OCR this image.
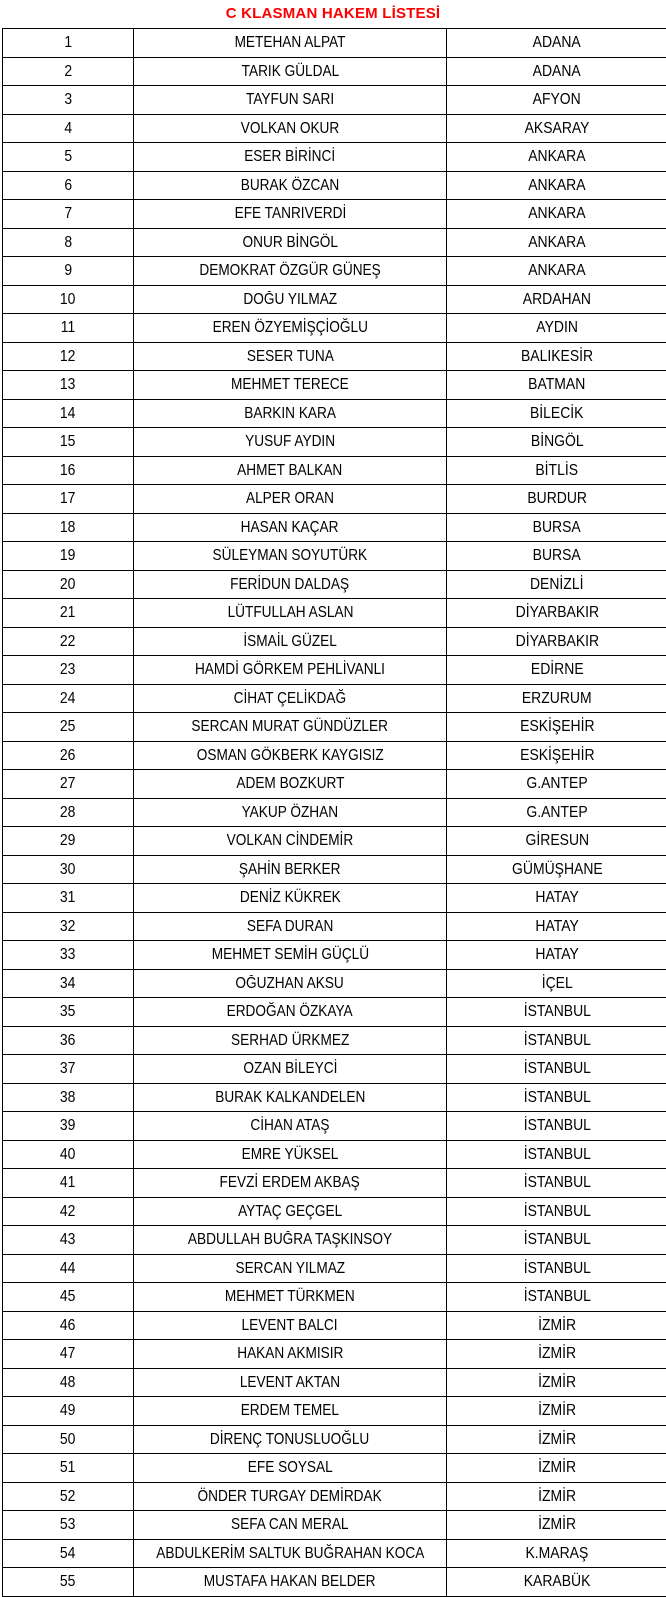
C KLASMAN HAKEM LİSTESİ
1	METEHAN ALPAT	ADANA
2	TARIK GÜLDAL	ADANA
3	TAYFUN SARI	AFYON
4	VOLKAN OKUR	AKSARAY
5	ESER BİRİNCİ	ANKARA
6	BURAK ÖZCAN	ANKARA
7	EFE TANRIVERDİ	ANKARA
8	ONUR BİNGÖL	ANKARA
9	DEMOKRAT ÖZGÜR GÜNEŞ	ANKARA
10	DOĞU YILMAZ	ARDAHAN
11	EREN ÖZYEMİŞÇİOĞLU	AYDIN
12	SESER TUNA	BALIKESİR
13	MEHMET TERECE	BATMAN
14	BARKIN KARA	BİLECİK
15	YUSUF AYDIN	BİNGÖL
16	AHMET BALKAN	BİTLİS
17	ALPER ORAN	BURDUR
18	HASAN KAÇAR	BURSA
19	SÜLEYMAN SOYUTÜRK	BURSA
20	FERİDUN DALDAŞ	DENİZLİ
21	LÜTFULLAH ASLAN	DİYARBAKIR
22	İSMAİL GÜZEL	DİYARBAKIR
23	HAMDİ GÖRKEM PEHLİVANLI	EDİRNE
24	CİHAT ÇELİKDAĞ	ERZURUM
25	SERCAN MURAT GÜNDÜZLER	ESKİŞEHİR
26	OSMAN GÖKBERK KAYGISIZ	ESKİŞEHİR
27	ADEM BOZKURT	G.ANTEP
28	YAKUP ÖZHAN	G.ANTEP
29	VOLKAN CİNDEMİR	GİRESUN
30	ŞAHİN BERKER	GÜMÜŞHANE
31	DENİZ KÜKREK	HATAY
32	SEFA DURAN	HATAY
33	MEHMET SEMİH GÜÇLÜ	HATAY
34	OĞUZHAN AKSU	İÇEL
35	ERDOĞAN ÖZKAYA	İSTANBUL
36	SERHAD ÜRKMEZ	İSTANBUL
37	OZAN BİLEYCİ	İSTANBUL
38	BURAK KALKANDELEN	İSTANBUL
39	CİHAN ATAŞ	İSTANBUL
40	EMRE YÜKSEL	İSTANBUL
41	FEVZİ ERDEM AKBAŞ	İSTANBUL
42	AYTAÇ GEÇGEL	İSTANBUL
43	ABDULLAH BUĞRA TAŞKINSOY	İSTANBUL
44	SERCAN YILMAZ	İSTANBUL
45	MEHMET TÜRKMEN	İSTANBUL
46	LEVENT BALCI	İZMİR
47	HAKAN AKMISIR	İZMİR
48	LEVENT AKTAN	İZMİR
49	ERDEM TEMEL	İZMİR
50	DİRENÇ TONUSLUOĞLU	İZMİR
51	EFE SOYSAL	İZMİR
52	ÖNDER TURGAY DEMİRDAK	İZMİR
53	SEFA CAN MERAL	İZMİR
54	ABDULKERİM SALTUK BUĞRAHAN KOCA	K.MARAŞ
55	MUSTAFA HAKAN BELDER	KARABÜK
